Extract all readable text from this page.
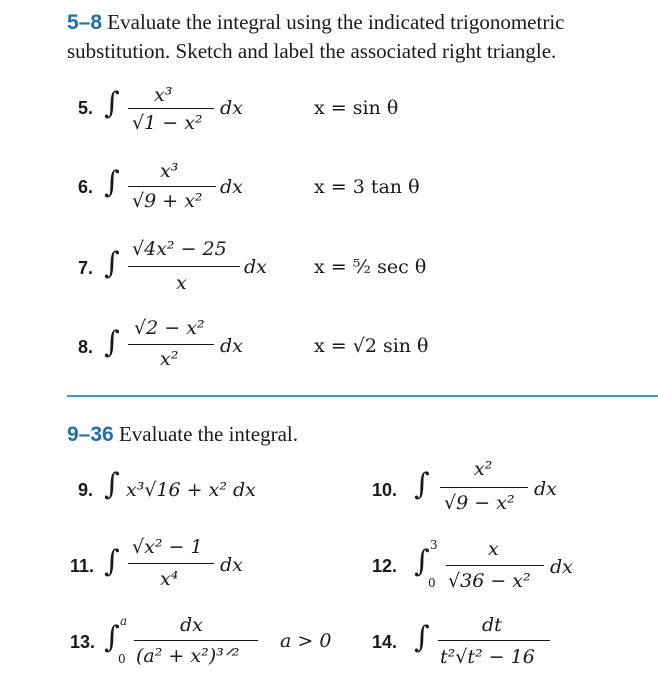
5–8 Evaluate the integral using the indicated trigonometric substitution. Sketch and label the associated right triangle.
5. ∫ x³
√1 − x²
dx	x = sin θ
6. ∫ x³
√9 + x²
dx	x = 3 tan θ
7. ∫ √4x² − 25
x
dx x = ⁵⁄₂ sec θ
8. ∫ √2 − x²
x²
dx	x = √2 sin θ
9–36 Evaluate the integral.
9. ∫ x³√16 + x² dx	10. ∫ x²
√9 − x²
dx
11. ∫ √x² − 1
x⁴
dx	12. ∫ 3
0
x
√36 − x²
dx
13. ∫ a
0
dx
(a² + x²)³ᐟ²
a > 0 14. ∫	dt
t²√t² − 16
